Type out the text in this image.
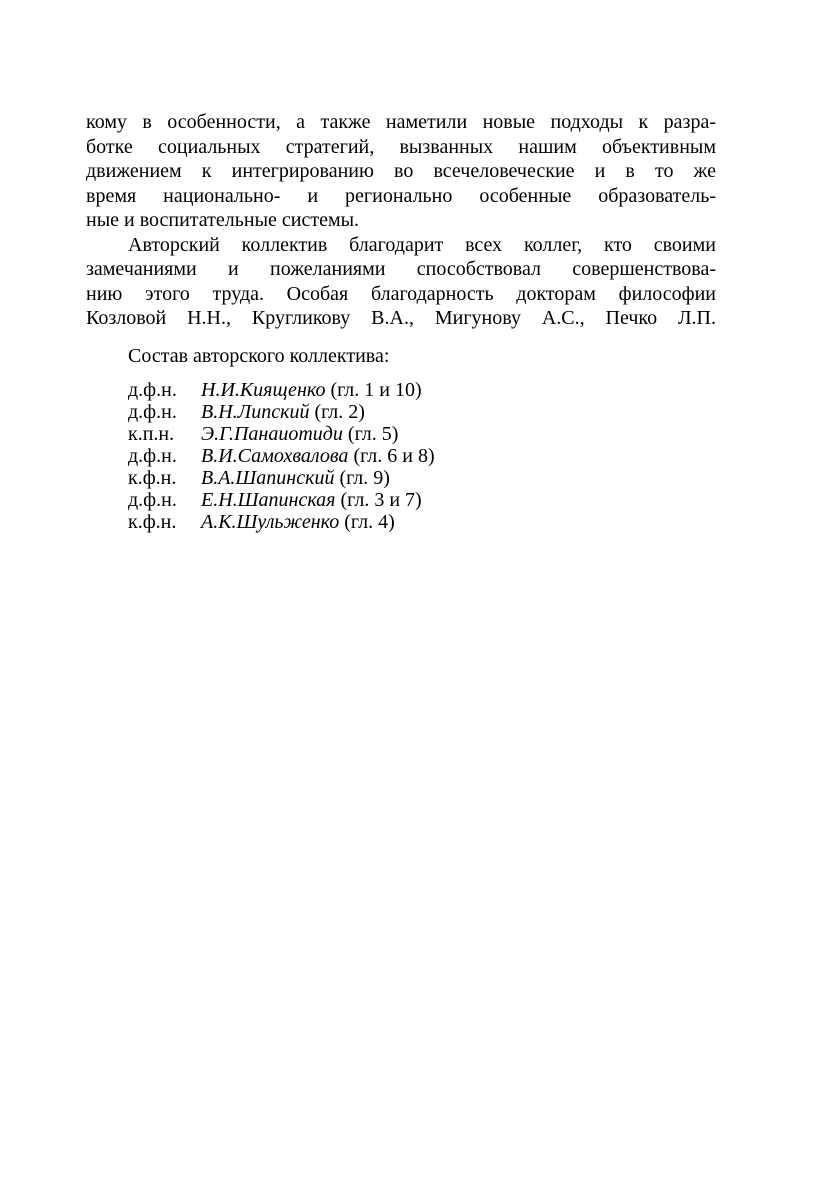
кому в особенности, а также наметили новые подходы к разра-
ботке социальных стратегий, вызванных нашим объективным
движением к интегрированию во всечеловеческие и в то же
время национально- и регионально особенные образователь-
ные и воспитательные системы.
Авторский коллектив благодарит всех коллег, кто своими
замечаниями и пожеланиями способствовал совершенствова-
нию этого труда. Особая благодарность докторам философии
Козловой Н.Н., Кругликову В.А., Мигунову А.С., Печко Л.П.
Состав авторского коллектива:
д.ф.н. Н.И.Киященко (гл. 1 и 10)
д.ф.н. В.Н.Липский (гл. 2)
к.п.н. Э.Г.Панаиотиди (гл. 5)
д.ф.н. В.И.Самохвалова (гл. 6 и 8)
к.ф.н. В.А.Шапинский (гл. 9)
д.ф.н. Е.Н.Шапинская (гл. 3 и 7)
к.ф.н. А.К.Шульженко (гл. 4)
